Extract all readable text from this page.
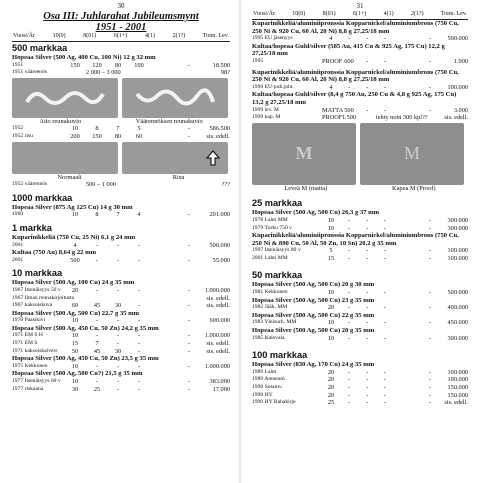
30
Osa III: Juhlarahat Jubileumsmynt
1951 - 2001
Vuosi/År	10(0)	8(01)	6(1+)	4(1)	2(1?)	Toim. Lev.
500 markkaa
Hopeaa Silver (500 Ag, 400 Cu, 100 Ni) 12 g 32 mm
1951	150	120	80	100	-	18.500
1951 vääreenös	2 000 – 3 000	98?
Aito reunakuvio	Väärennöksen reunakuvio
1952	10	8	7	5	-	586.500
1952 risu	200	150	80	60	-	sis. edell.
Normaali	Risu
1952 väärennös	500 – 1 000	???
1000 markkaa
Hopeaa Silver (875 Ag 125 Cu) 14 g 30 mm
1960	10	8	7	4	-	201.000
1 markka
Kuparinikkeliä (750 Cu, 25 Ni) 6,1 g 24 mm
2001	4	-	-	-	-	500.000
Kultaa (750 Au) 8,64 g 22 mm
2001	500	-	-	-	-	55.000
10 markkaa
Hopeaa Silver (500 Ag, 100 Cu) 24 g 35 mm
1967 Itsenäisyys 50 v	20	-	-	-	-	1.000.000
1967 Ilman reunakirjoitusta	sis. edell.
1967 kaksoiskuva	60	45	30	-	-	sis. edell.
Hopeaa Silver (500 Ag, 500 Cu) 22,7 g 35 mm
1970 Paasikivi	10	-	-	-	-	600.000
Hopeaa Silver (500 Ag, 450 Cu, 50 Zn) 24,2 g 35 mm
1971 EM S H	10	-	-	-	-	1.000.000
1971 EM S	15	7	-	-	-	sis. edell.
1971 kaksoiskaiverr	50	45	30	-	-	sis. edell.
Hopeaa Silver (500 Ag, 450 Cu, 50 Zn) 23,5 g 35 mm
1975 Kekkonen	10	-	-	-	-	1.000.000
Hopeaa Silver (500 Ag, 500 Cu?) 21,5 g 35 mm
1977 Itsenäisyys 60 v	10	-	-	-	-	383.000
1977 riskaana	30	25	-	-	-	17.000
31
Vuosi/År	10(0)	8(01)	6(1+)	4(1)	2(1?)	Toim. Lev.
Kuparinikkeliä/aluminiipronssia Kopparnickel/aluminiumbrons (750 Cu, 250 Ni & 920 Cu, 60 Al, 20 Ni) 8,8 g 27,25/18 mm
1995 EU jäsenyys	4	-	-	-	-	500.000
Kultaa/hopeaa Guld/silver (585 Au, 415 Cu & 925 Ag, 175 Cu) 12,2 g 27,25/18 mm
1995	PROOF 600	-	-	-	1.900
Kuparinikkeliä/aluminiipronssia Kopparnickel/aluminiumbrons (750 Cu, 250 Ni & 920 Cu, 60 Al, 20 Ni) 8,8 g 27,25/18 mm
1999 EU-puh.joht.	4	-	-	-	-	100.000
Kultaa/hopeaa Guld/silver (8,4 g 750 Au, 250 Cu & 4,8 g 925 Ag, 175 Cu) 13,2 g 27,25/18 mm
1999 lev. M	MATTA 500	-	-	-	3.000
1999 kap. M	PROOF 1.500	tehty noin 300 kpl??	sis. edell.
M	M
Leveä M (matta)	Kapea M (Proof)
25 markkaa
Hopeaa Silver (500 Ag, 500 Cu) 26,3 g 37 mm
1978 Lahti MM	10	-	-	-	-	300.000
1979 Turku 750 v	10	-	-	-	-	300.000
Kuparinikkeliä/aluminiipronssia Kopparnickel/aluminiumbrons (750 Cu, 250 Ni & 890 Cu, 50 Al, 50 Zn, 10 Sn) 20,2 g 35 mm
1997 Itsenäisyys 80 v	5	-	-	-	-	100.000
2001 Lahti MM	15	-	-	-	-	100.000
50 markkaa
Hopeaa Silver (500 Ag, 500 Cu) 20 g 30 mm
1981 Kekkonen	10	-	-	-	-	500.000
Hopeaa Silver (500 Ag, 500 Cu) 23 g 35 mm
1982 Jääk. MM	20	-	-	-	-	400.000
Hopeaa Silver (500 Ag, 500 Cu) 22 g 35 mm
1983 Yleisurh. MM	10	-	-	-	-	450.000
Hopeaa Silver (500 Ag, 500 Cu) 20 g 35 mm
1985 Kalevala	10	-	-	-	-	300.000
100 markkaa
Hopeaa Silver (830 Ag, 170 Cu) 24 g 35 mm
1989 Lahti	20	-	-	-	-	100.000
1989 Ateneum	20	-	-	-	-	100.000
1990 Sotainv.	20	-	-	-	-	150.000
1990 HY	20	-	-	-	-	150.000
1990 HY Rahakirje	25	-	-	-	-	sis. edell.
